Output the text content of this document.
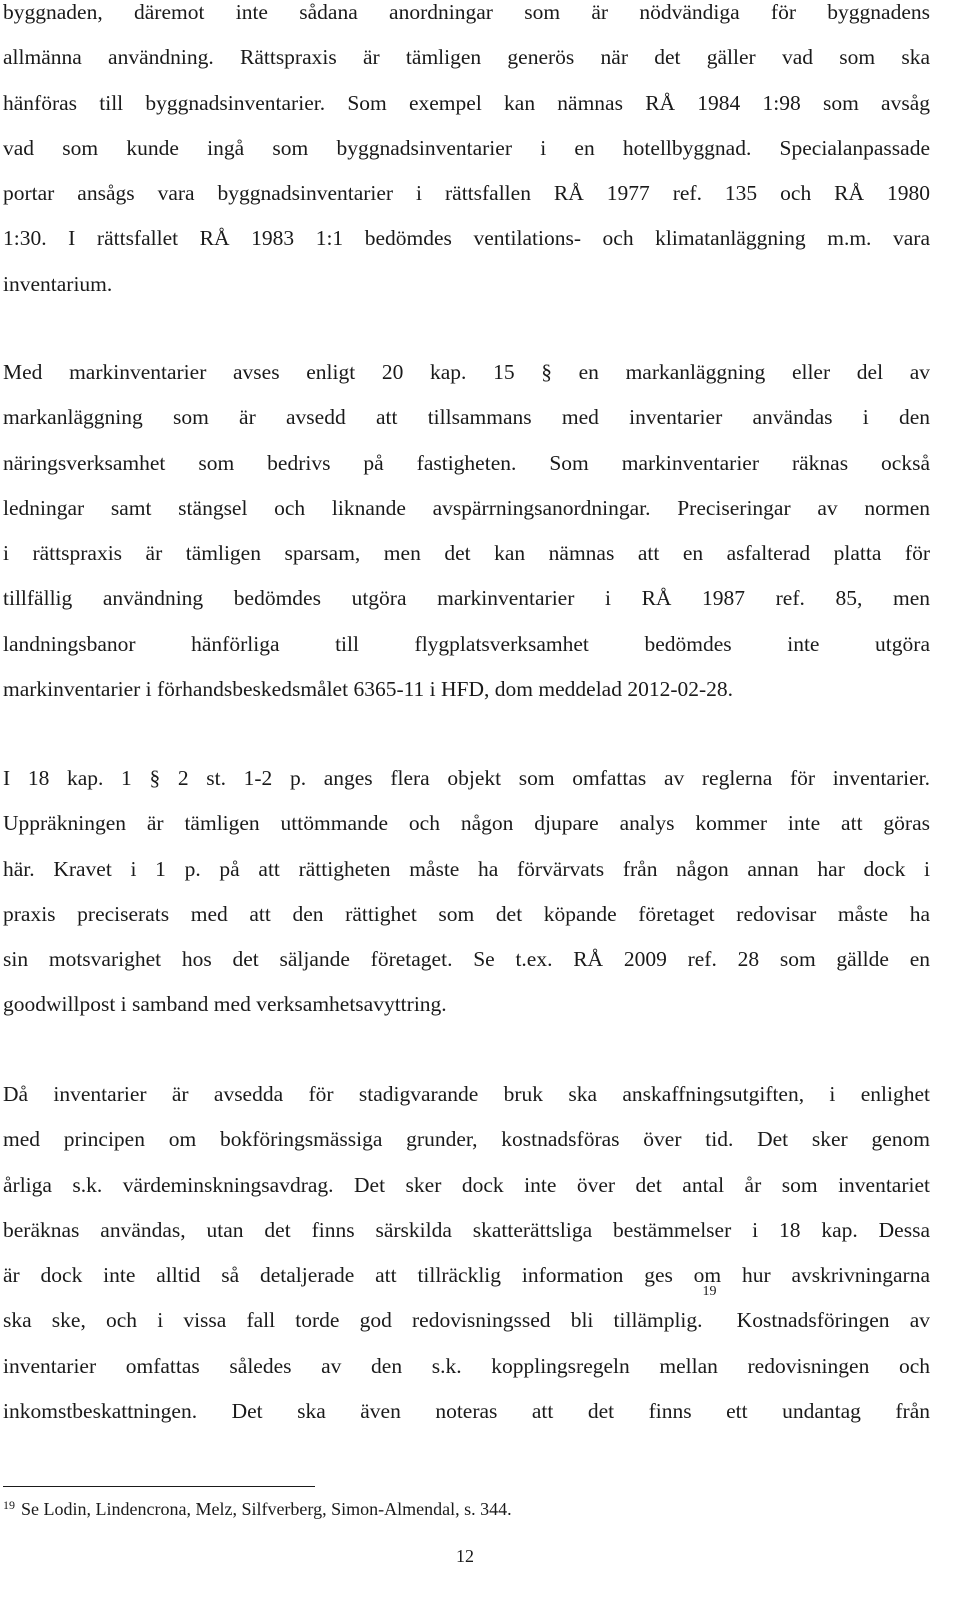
byggnaden, däremot inte sådana anordningar som är nödvändiga för byggnadens
allmänna användning. Rättspraxis är tämligen generös när det gäller vad som ska
hänföras till byggnadsinventarier. Som exempel kan nämnas RÅ 1984 1:98 som avsåg
vad som kunde ingå som byggnadsinventarier i en hotellbyggnad. Specialanpassade
portar ansågs vara byggnadsinventarier i rättsfallen RÅ 1977 ref. 135 och RÅ 1980
1:30. I rättsfallet RÅ 1983 1:1 bedömdes ventilations- och klimatanläggning m.m. vara
inventarium.

Med markinventarier avses enligt 20 kap. 15 § en markanläggning eller del av
markanläggning som är avsedd att tillsammans med inventarier användas i den
näringsverksamhet som bedrivs på fastigheten. Som markinventarier räknas också
ledningar samt stängsel och liknande avspärrningsanordningar. Preciseringar av normen
i rättspraxis är tämligen sparsam, men det kan nämnas att en asfalterad platta för
tillfällig användning bedömdes utgöra markinventarier i RÅ 1987 ref. 85, men
landningsbanor hänförliga till flygplatsverksamhet bedömdes inte utgöra
markinventarier i förhandsbeskedsmålet 6365-11 i HFD, dom meddelad 2012-02-28.

I 18 kap. 1 § 2 st. 1-2 p. anges flera objekt som omfattas av reglerna för inventarier.
Uppräkningen är tämligen uttömmande och någon djupare analys kommer inte att göras
här. Kravet i 1 p. på att rättigheten måste ha förvärvats från någon annan har dock i
praxis preciserats med att den rättighet som det köpande företaget redovisar måste ha
sin motsvarighet hos det säljande företaget. Se t.ex. RÅ 2009 ref. 28 som gällde en
goodwillpost i samband med verksamhetsavyttring.

Då inventarier är avsedda för stadigvarande bruk ska anskaffningsutgiften, i enlighet
med principen om bokföringsmässiga grunder, kostnadsföras över tid. Det sker genom
årliga s.k. värdeminskningsavdrag. Det sker dock inte över det antal år som inventariet
beräknas användas, utan det finns särskilda skatterättsliga bestämmelser i 18 kap. Dessa
är dock inte alltid så detaljerade att tillräcklig information ges om hur avskrivningarna
ska ske, och i vissa fall torde god redovisningssed bli tillämplig.$^{19}$ Kostnadsföringen av
inventarier omfattas således av den s.k. kopplingsregeln mellan redovisningen och
inkomstbeskattningen. Det ska även noteras att det finns ett undantag från

$^{19}$ Se Lodin, Lindencrona, Melz, Silfverberg, Simon-Almendal, s. 344.
12
